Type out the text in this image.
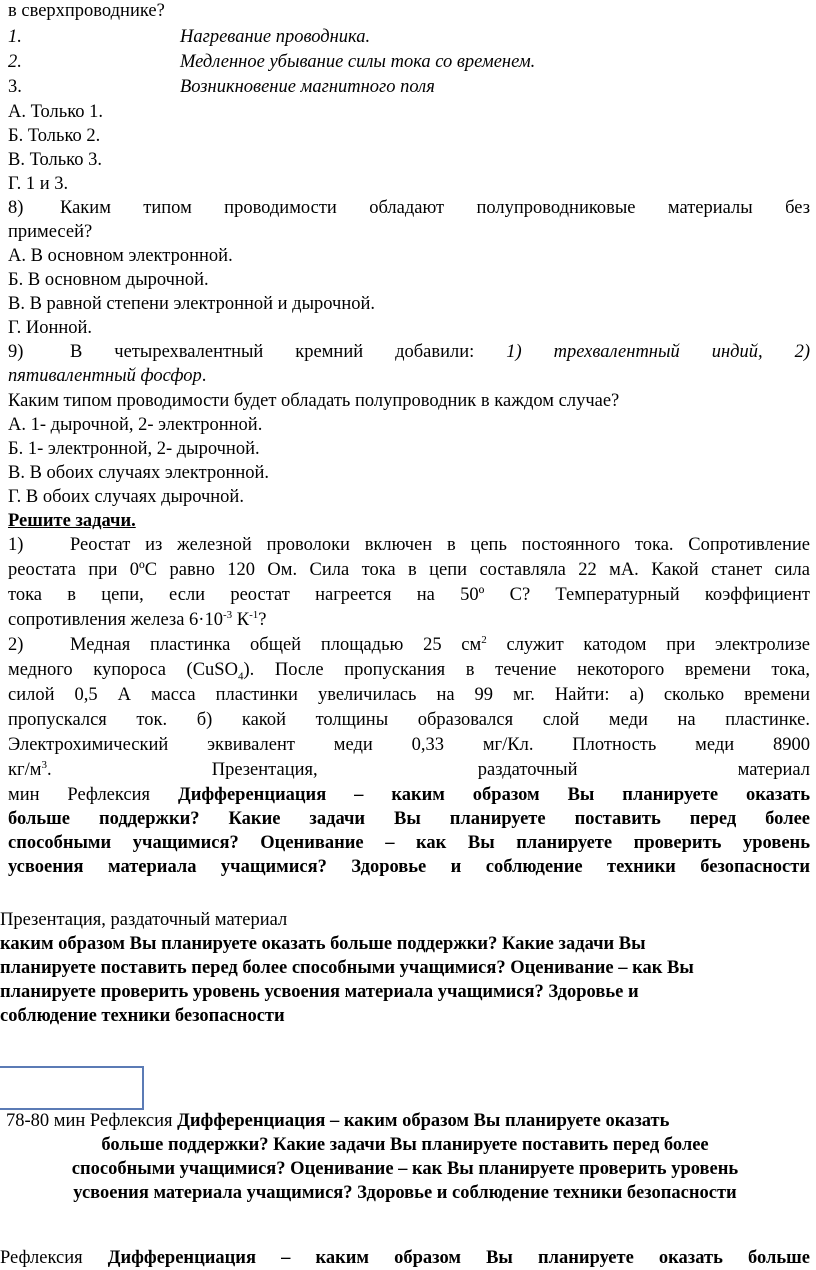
в сверхпроводнике?
1.	Нагревание проводника.
2.	Медленное убывание силы тока со временем.
3.	Возникновение магнитного поля
А. Только 1.
Б. Только 2.
В. Только 3.
Г. 1 и 3.
8) Каким типом проводимости обладают полупроводниковые материалы без
примесей?
А. В основном электронной.
Б. В основном дырочной.
В. В равной степени электронной и дырочной.
Г. Ионной.
9)	В четырехвалентный кремний добавили: 1) трехвалентный индий, 2)
пятивалентный фосфор.
Каким типом проводимости будет обладать полупроводник в каждом случае?
А. 1- дырочной, 2- электронной.
Б. 1- электронной, 2- дырочной.
В. В обоих случаях электронной.
Г. В обоих случаях дырочной.
Решите задачи.
1)	Реостат из железной проволоки включен в цепь постоянного тока. Сопротивление
реостата при 0ºС равно 120 Ом. Сила тока в цепи составляла 22 мА. Какой станет сила
тока в цепи, если реостат нагреется на 50º С? Температурный коэффициент
сопротивления железа $6\cdot 10^{-3}$ $К^{-1}$?
2)	Медная пластинка общей площадью 25 $см^2$ служит катодом при электролизе
медного купороса (CuSO$_4$). После пропускания в течение некоторого времени тока,
силой 0,5 А масса пластинки увеличилась на 99 мг. Найти: а) сколько времени
пропускался ток. б) какой толщины образовался слой меди на пластинке.
Электрохимический эквивалент меди 0,33 мг/Кл. Плотность меди 8900
$кг/м^3$. Презентация, раздаточный материал
мин Рефлексия Дифференциация – каким образом Вы планируете оказать
больше поддержки? Какие задачи Вы планируете поставить перед более
способными учащимися? Оценивание – как Вы планируете проверить уровень
усвоения материала учащимися? Здоровье и соблюдение техники безопасности
Презентация, раздаточный материал
каким образом Вы планируете оказать больше поддержки? Какие задачи Вы
планируете поставить перед более способными учащимися? Оценивание – как Вы
планируете проверить уровень усвоения материала учащимися? Здоровье и
соблюдение техники безопасности
78-80 мин Рефлексия Дифференциация – каким образом Вы планируете оказать
больше поддержки? Какие задачи Вы планируете поставить перед более
способными учащимися? Оценивание – как Вы планируете проверить уровень
усвоения материала учащимися? Здоровье и соблюдение техники безопасности
Рефлексия Дифференциация – каким образом Вы планируете оказать больше
